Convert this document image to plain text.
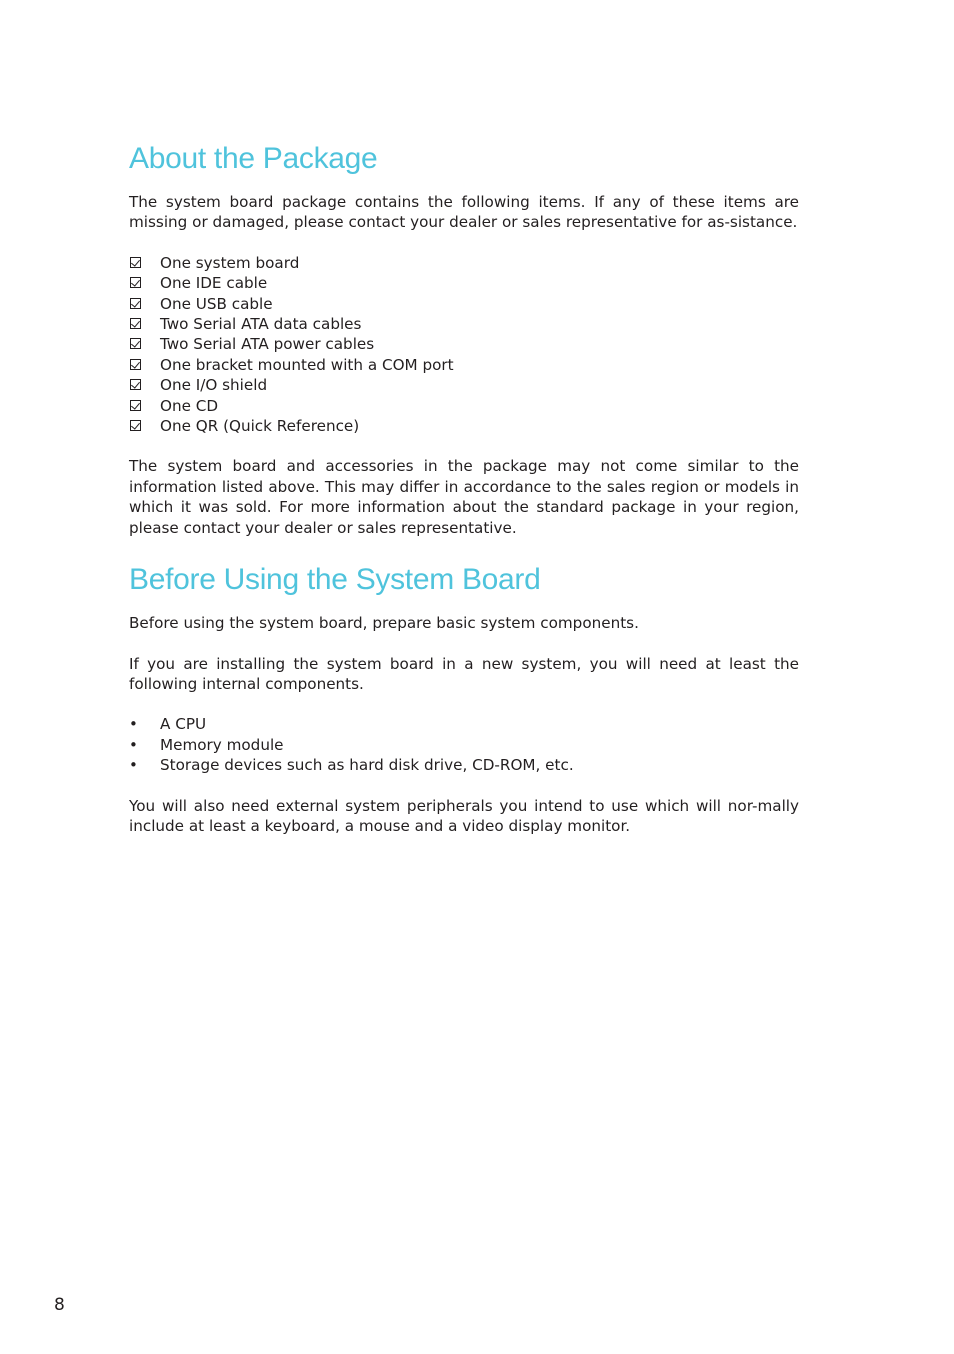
About the Package

The system board package contains the following items. If any of these items are missing or damaged, please contact your dealer or sales representative for as-sistance.

One system board
One IDE cable
One USB cable
Two Serial ATA data cables
Two Serial ATA power cables
One bracket mounted with a COM port
One I/O shield
One CD
One QR (Quick Reference)

The system board and accessories in the package may not come similar to the information listed above. This may differ in accordance to the sales region or models in which it was sold. For more information about the standard package in your region, please contact your dealer or sales representative.

Before Using the System Board

Before using the system board, prepare basic system components.

If you are installing the system board in a new system, you will need at least the following internal components.

• A CPU
• Memory module
• Storage devices such as hard disk drive, CD-ROM, etc.

You will also need external system peripherals you intend to use which will nor-mally include at least a keyboard, a mouse and a video display monitor.

8
